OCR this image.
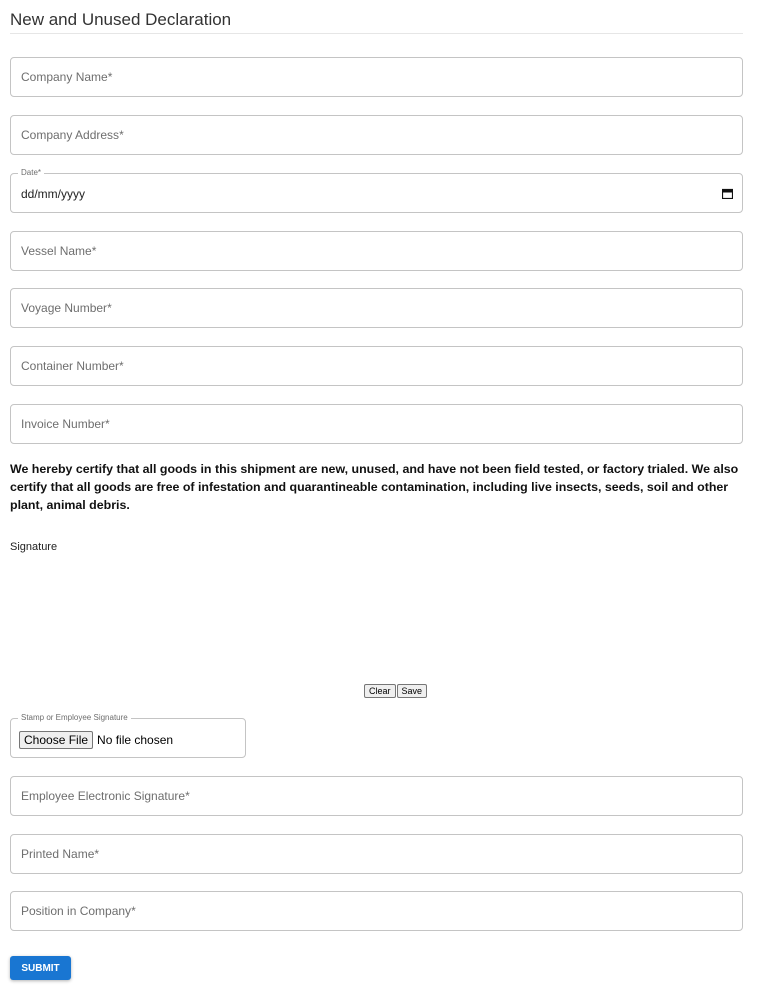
New and Unused Declaration
Company Name*
Company Address*
Date*
dd/mm/yyyy
Vessel Name*
Voyage Number*
Container Number*
Invoice Number*
We hereby certify that all goods in this shipment are new, unused, and have not been field tested, or factory trialed. We also certify that all goods are free of infestation and quarantineable contamination, including live insects, seeds, soil and other plant, animal debris.
Signature
Clear	Save
Stamp or Employee Signature
Choose File No file chosen
Employee Electronic Signature*
Printed Name*
Position in Company*
SUBMIT
